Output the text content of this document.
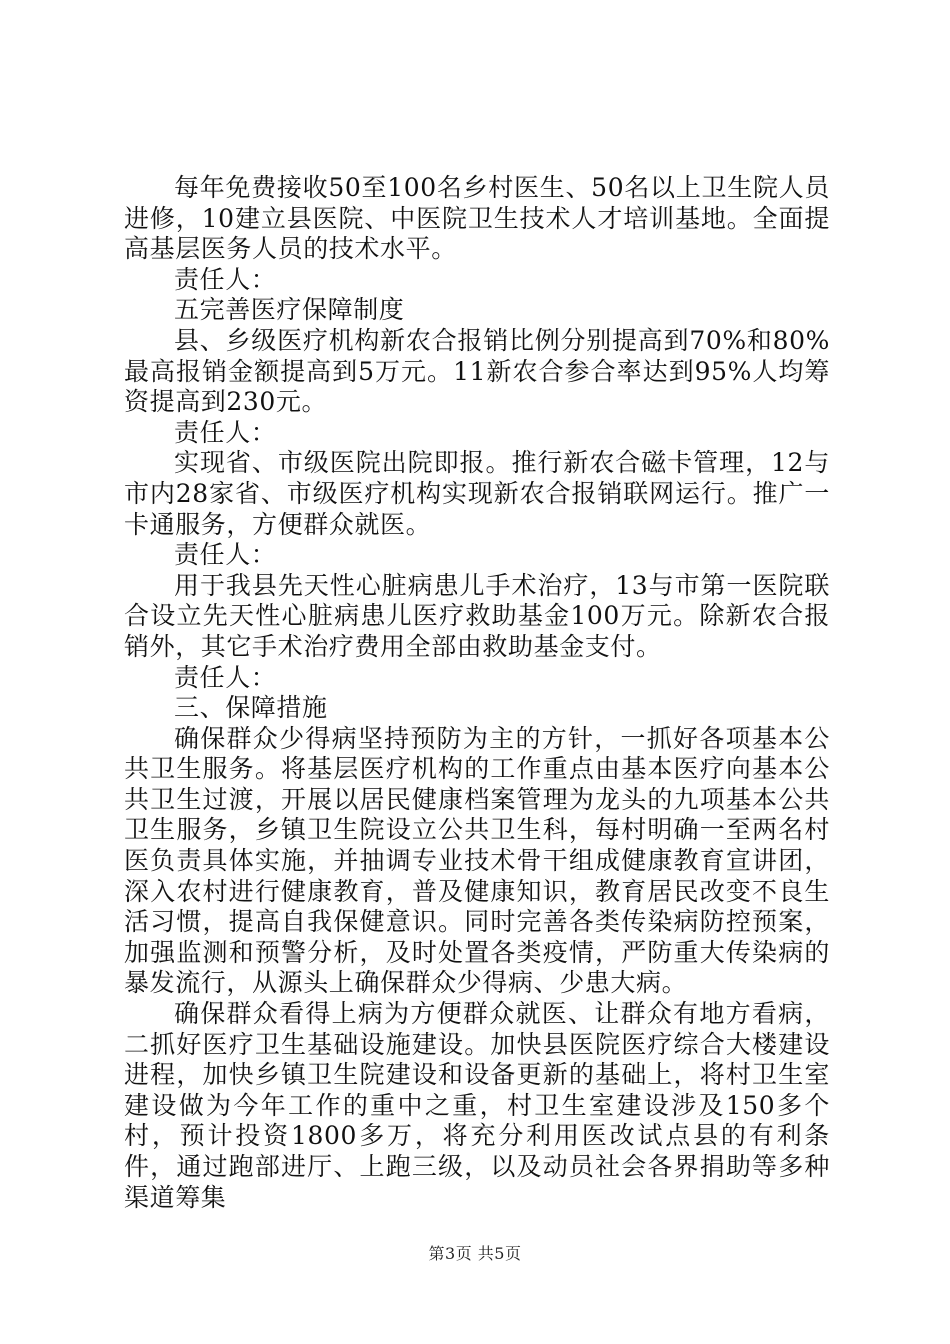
每年免费接收50至100名乡村医生、50名以上卫生院人员进修，10建立县医院、中医院卫生技术人才培训基地。全面提高基层医务人员的技术水平。

责任人：

五完善医疗保障制度

县、乡级医疗机构新农合报销比例分别提高到70%和80%最高报销金额提高到5万元。11新农合参合率达到95%人均筹资提高到230元。

责任人：

实现省、市级医院出院即报。推行新农合磁卡管理，12与市内28家省、市级医疗机构实现新农合报销联网运行。推广一卡通服务，方便群众就医。

责任人：

用于我县先天性心脏病患儿手术治疗，13与市第一医院联合设立先天性心脏病患儿医疗救助基金100万元。除新农合报销外，其它手术治疗费用全部由救助基金支付。

责任人：

三、保障措施

确保群众少得病坚持预防为主的方针，一抓好各项基本公共卫生服务。将基层医疗机构的工作重点由基本医疗向基本公共卫生过渡，开展以居民健康档案管理为龙头的九项基本公共卫生服务，乡镇卫生院设立公共卫生科，每村明确一至两名村医负责具体实施，并抽调专业技术骨干组成健康教育宣讲团，深入农村进行健康教育，普及健康知识，教育居民改变不良生活习惯，提高自我保健意识。同时完善各类传染病防控预案，加强监测和预警分析，及时处置各类疫情，严防重大传染病的暴发流行，从源头上确保群众少得病、少患大病。

确保群众看得上病为方便群众就医、让群众有地方看病，二抓好医疗卫生基础设施建设。加快县医院医疗综合大楼建设进程，加快乡镇卫生院建设和设备更新的基础上，将村卫生室建设做为今年工作的重中之重，村卫生室建设涉及150多个村，预计投资1800多万，将充分利用医改试点县的有利条件，通过跑部进厅、上跑三级，以及动员社会各界捐助等多种渠道筹集

第3页 共5页
